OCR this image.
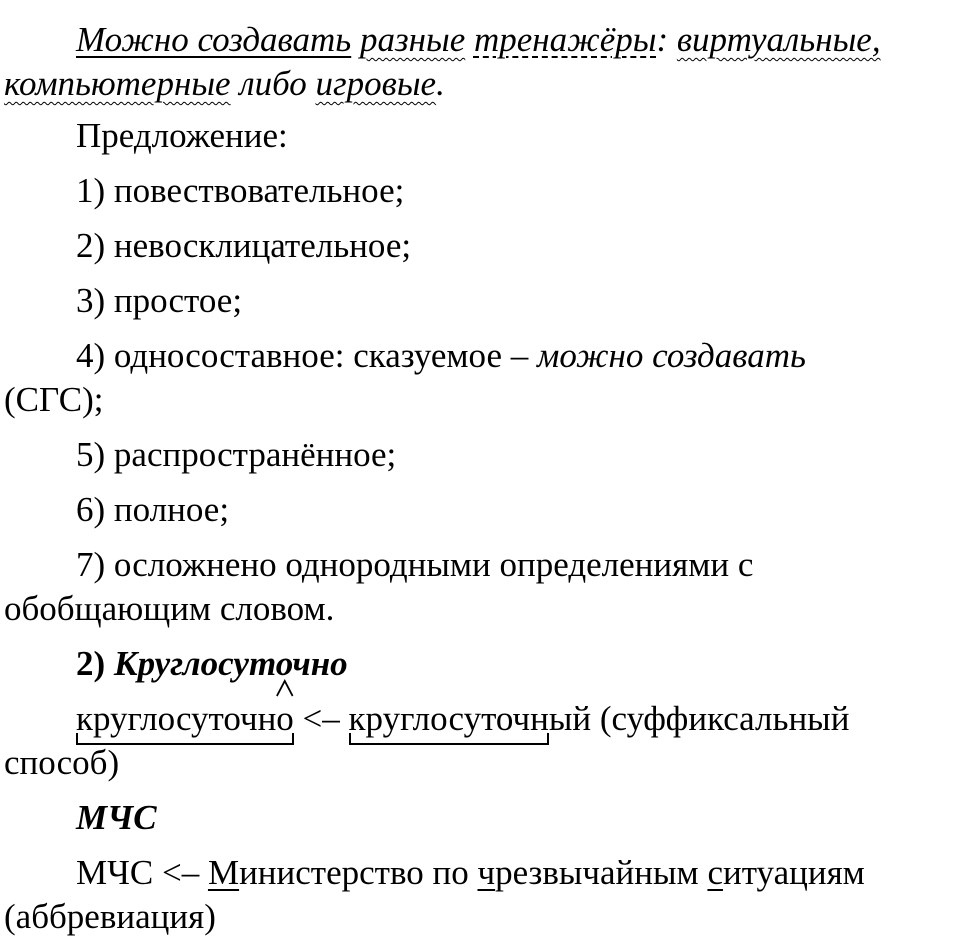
Можно создавать разные тренажёры: виртуальные,
компьютерные либо игровые.

Предложение:

1) повествовательное;

2) невосклицательное;

3) простое;

4) односоставное: сказуемое – можно создавать
(СГС);

5) распространённое;

6) полное;

7) осложнено однородными определениями с
обобщающим словом.

2) Круглосуточно

круглосуточно
<– круглосуточн
ый (суффиксальный
способ)

МЧС

МЧС <– Министерство по чрезвычайным ситуациям
(аббревиация)
